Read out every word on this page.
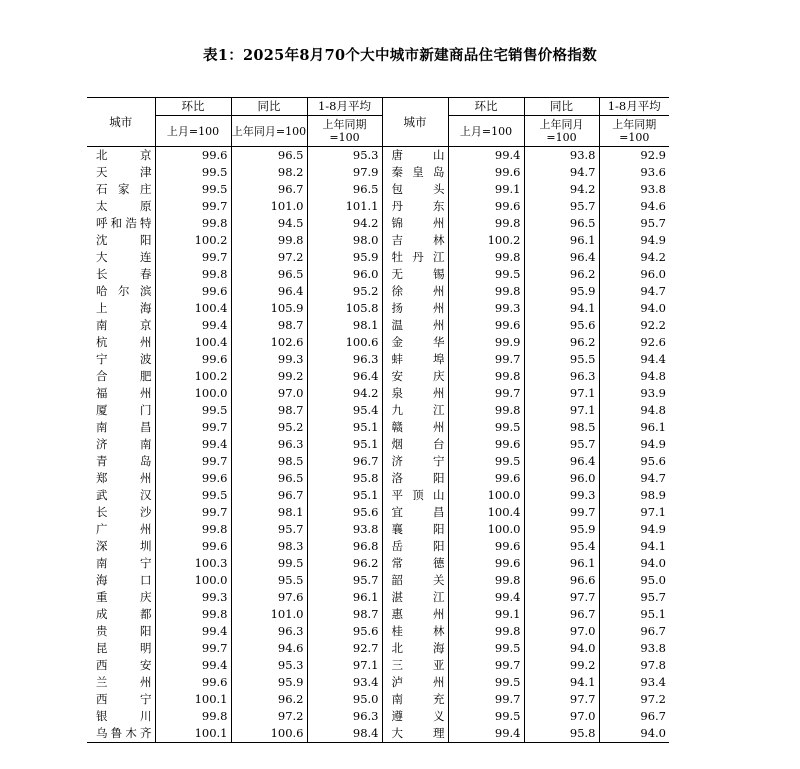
表1：2025年8月70个大中城市新建商品住宅销售价格指数
城市	环比	同比	1-8月平均	城市	环比	同比	1-8月平均
	上月=100	上年同月=100	上年同期=100		上月=100	上年同月=100	上年同期=100
北京	99.6	96.5	95.3	唐山	99.4	93.8	92.9
天津	99.5	98.2	97.9	秦皇岛	99.6	94.7	93.6
石家庄	99.5	96.7	96.5	包头	99.1	94.2	93.8
太原	99.7	101.0	101.1	丹东	99.6	95.7	94.6
呼和浩特	99.8	94.5	94.2	锦州	99.8	96.5	95.7
沈阳	100.2	99.8	98.0	吉林	100.2	96.1	94.9
大连	99.7	97.2	95.9	牡丹江	99.8	96.4	94.2
长春	99.8	96.5	96.0	无锡	99.5	96.2	96.0
哈尔滨	99.6	96.4	95.2	徐州	99.8	95.9	94.7
上海	100.4	105.9	105.8	扬州	99.3	94.1	94.0
南京	99.4	98.7	98.1	温州	99.6	95.6	92.2
杭州	100.4	102.6	100.6	金华	99.9	96.2	92.6
宁波	99.6	99.3	96.3	蚌埠	99.7	95.5	94.4
合肥	100.2	99.2	96.4	安庆	99.8	96.3	94.8
福州	100.0	97.0	94.2	泉州	99.7	97.1	93.9
厦门	99.5	98.7	95.4	九江	99.8	97.1	94.8
南昌	99.7	95.2	95.1	赣州	99.5	98.5	96.1
济南	99.4	96.3	95.1	烟台	99.6	95.7	94.9
青岛	99.7	98.5	96.7	济宁	99.5	96.4	95.6
郑州	99.6	96.5	95.8	洛阳	99.6	96.0	94.7
武汉	99.5	96.7	95.1	平顶山	100.0	99.3	98.9
长沙	99.7	98.1	95.6	宜昌	100.4	99.7	97.1
广州	99.8	95.7	93.8	襄阳	100.0	95.9	94.9
深圳	99.6	98.3	96.8	岳阳	99.6	95.4	94.1
南宁	100.3	99.5	96.2	常德	99.6	96.1	94.0
海口	100.0	95.5	95.7	韶关	99.8	96.6	95.0
重庆	99.3	97.6	96.1	湛江	99.4	97.7	95.7
成都	99.8	101.0	98.7	惠州	99.1	96.7	95.1
贵阳	99.4	96.3	95.6	桂林	99.8	97.0	96.7
昆明	99.7	94.6	92.7	北海	99.5	94.0	93.8
西安	99.4	95.3	97.1	三亚	99.7	99.2	97.8
兰州	99.6	95.9	93.4	泸州	99.5	94.1	93.4
西宁	100.1	96.2	95.0	南充	99.7	97.7	97.2
银川	99.8	97.2	96.3	遵义	99.5	97.0	96.7
乌鲁木齐	100.1	100.6	98.4	大理	99.4	95.8	94.0
